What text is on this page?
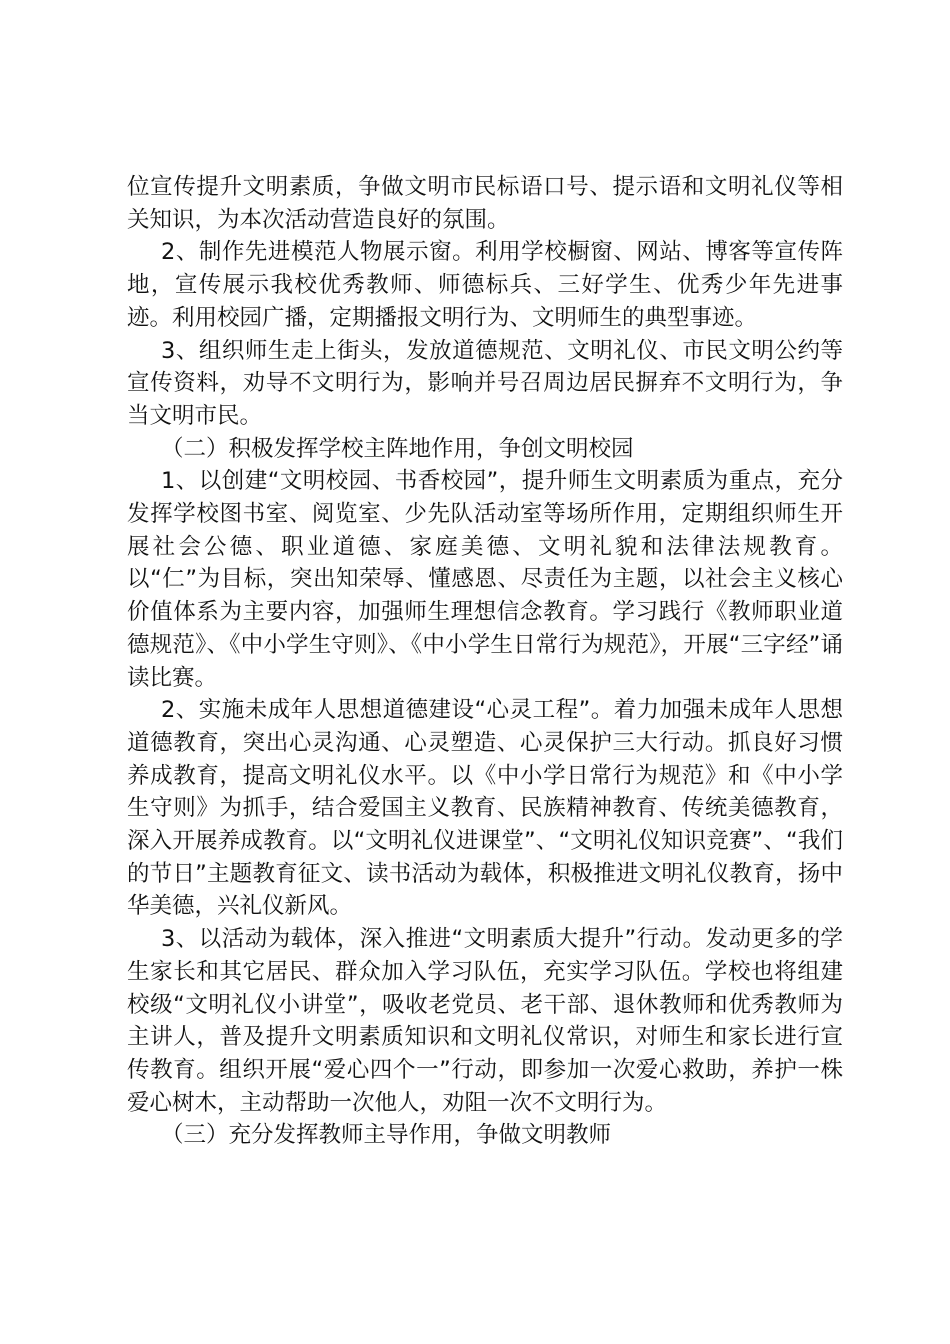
位宣传提升文明素质，争做文明市民标语口号、提示语和文明礼仪等相关知识，为本次活动营造良好的氛围。

2、制作先进模范人物展示窗。利用学校橱窗、网站、博客等宣传阵地，宣传展示我校优秀教师、师德标兵、三好学生、优秀少年先进事迹。利用校园广播，定期播报文明行为、文明师生的典型事迹。

3、组织师生走上街头，发放道德规范、文明礼仪、市民文明公约等宣传资料，劝导不文明行为，影响并号召周边居民摒弃不文明行为，争当文明市民。

（二）积极发挥学校主阵地作用，争创文明校园

1、以创建“文明校园、书香校园”，提升师生文明素质为重点，充分发挥学校图书室、阅览室、少先队活动室等场所作用，定期组织师生开展社会公德、职业道德、家庭美德、文明礼貌和法律法规教育。以“仁”为目标，突出知荣辱、懂感恩、尽责任为主题，以社会主义核心价值体系为主要内容，加强师生理想信念教育。学习践行《教师职业道德规范》、《中小学生守则》、《中小学生日常行为规范》，开展“三字经”诵读比赛。

2、实施未成年人思想道德建设“心灵工程”。着力加强未成年人思想道德教育，突出心灵沟通、心灵塑造、心灵保护三大行动。抓良好习惯养成教育，提高文明礼仪水平。以《中小学日常行为规范》和《中小学生守则》为抓手，结合爱国主义教育、民族精神教育、传统美德教育，深入开展养成教育。以“文明礼仪进课堂”、“文明礼仪知识竞赛”、“我们的节日”主题教育征文、读书活动为载体，积极推进文明礼仪教育，扬中华美德，兴礼仪新风。

3、以活动为载体，深入推进“文明素质大提升”行动。发动更多的学生家长和其它居民、群众加入学习队伍，充实学习队伍。学校也将组建校级“文明礼仪小讲堂”，吸收老党员、老干部、退休教师和优秀教师为主讲人，普及提升文明素质知识和文明礼仪常识，对师生和家长进行宣传教育。组织开展“爱心四个一”行动，即参加一次爱心救助，养护一株爱心树木，主动帮助一次他人，劝阻一次不文明行为。

（三）充分发挥教师主导作用，争做文明教师
